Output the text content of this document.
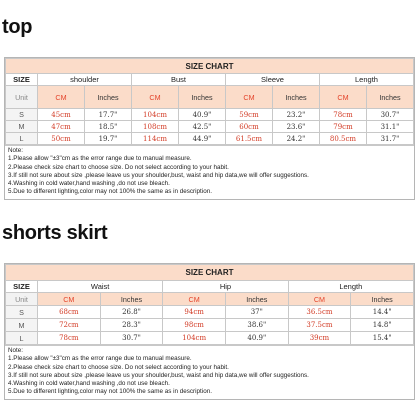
top
SIZE CHART								
SIZE	shoulder		Bust		Sleeve		Length	
Unit	CM	Inches	CM	Inches	CM	Inches	CM	Inches
S	45cm	17.7"	104cm	40.9"	59cm	23.2"	78cm	30.7"
M	47cm	18.5"	108cm	42.5"	60cm	23.6"	79cm	31.1"
L	50cm	19.7"	114cm	44.9"	61.5cm	24.2"	80.5cm	31.7"
Note:
1.Please allow "±3"cm as the error range due to manual measure.
2.Please check size chart to choose size. Do not select according to your habit.
3.If still not sure about size ,please leave us your shoulder,bust, waist and hip data,we will offer suggestions.
4.Washing in cold water,hand washing ,do not use bleach.
5.Due to different lighting,color may not 100% the same as in description.
shorts skirt
SIZE CHART						
SIZE	Waist		Hip		Length	
Unit	CM	Inches	CM	Inches	CM	Inches
S	68cm	26.8"	94cm	37"	36.5cm	14.4"
M	72cm	28.3"	98cm	38.6"	37.5cm	14.8"
L	78cm	30.7"	104cm	40.9"	39cm	15.4"
Note:
1.Please allow "±3"cm as the error range due to manual measure.
2.Please check size chart to choose size. Do not select according to your habit.
3.If still not sure about size ,please leave us your shoulder,bust, waist and hip data,we will offer suggestions.
4.Washing in cold water,hand washing ,do not use bleach.
5.Due to different lighting,color may not 100% the same as in description.
